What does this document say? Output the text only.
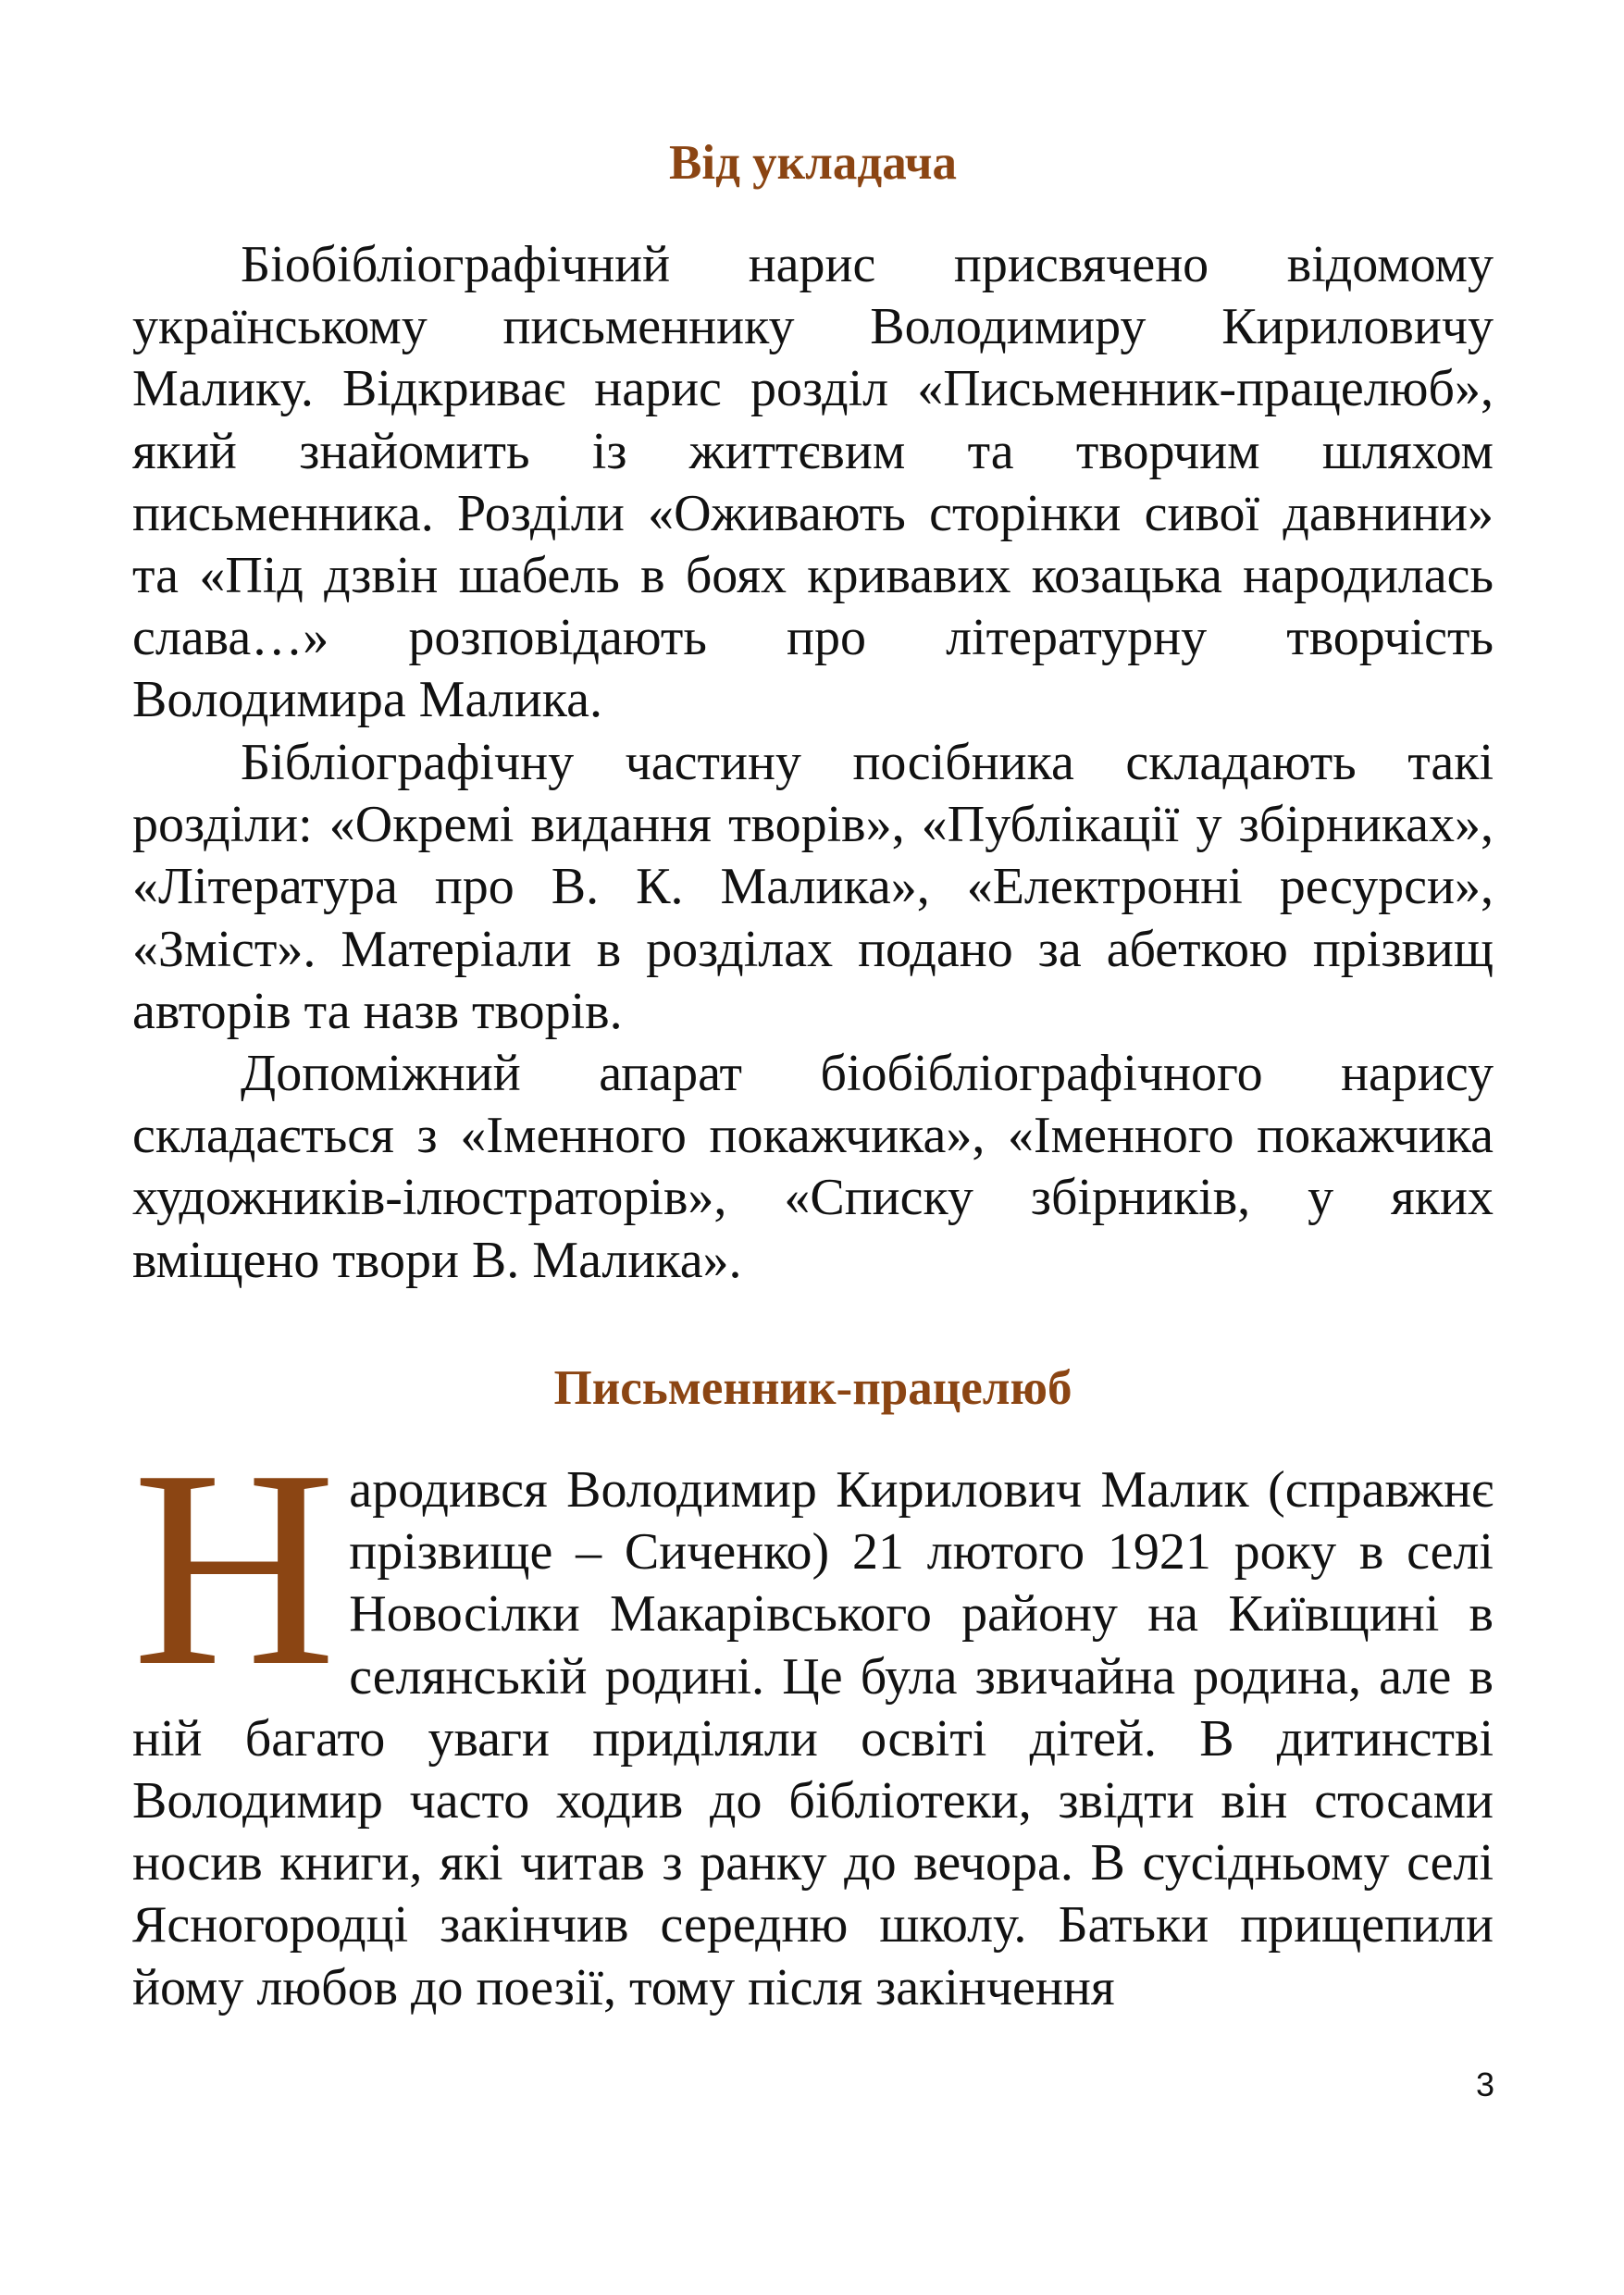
Від укладача

Біобібліографічний нарис присвячено відомому українському письменнику Володимиру Кириловичу Малику. Відкриває нарис розділ «Письменник-працелюб», який знайомить із життєвим та творчим шляхом письменника. Розділи «Оживають сторінки сивої давнини» та «Під дзвін шабель в боях кривавих козацька народилась слава…» розповідають про літературну творчість Володимира Малика.

Бібліографічну частину посібника складають такі розділи: «Окремі видання творів», «Публікації у збірниках», «Література про В. К. Малика», «Електронні ресурси», «Зміст». Матеріали в розділах подано за абеткою прізвищ авторів та назв творів.

Допоміжний апарат біобібліографічного нарису складається з «Іменного покажчика», «Іменного покажчика художників-ілюстраторів», «Списку збірників, у яких вміщено твори В. Малика».

Письменник-працелюб

Народився Володимир Кирилович Малик (справжнє прізвище – Сиченко) 21 лютого 1921 року в селі Новосілки Макарівського району на Київщині в селянській родині. Це була звичайна родина, але в ній багато уваги приділяли освіті дітей. В дитинстві Володимир часто ходив до бібліотеки, звідти він стосами носив книги, які читав з ранку до вечора. В сусідньому селі Ясногородці закінчив середню школу. Батьки прищепили йому любов до поезії, тому після закінчення

3
